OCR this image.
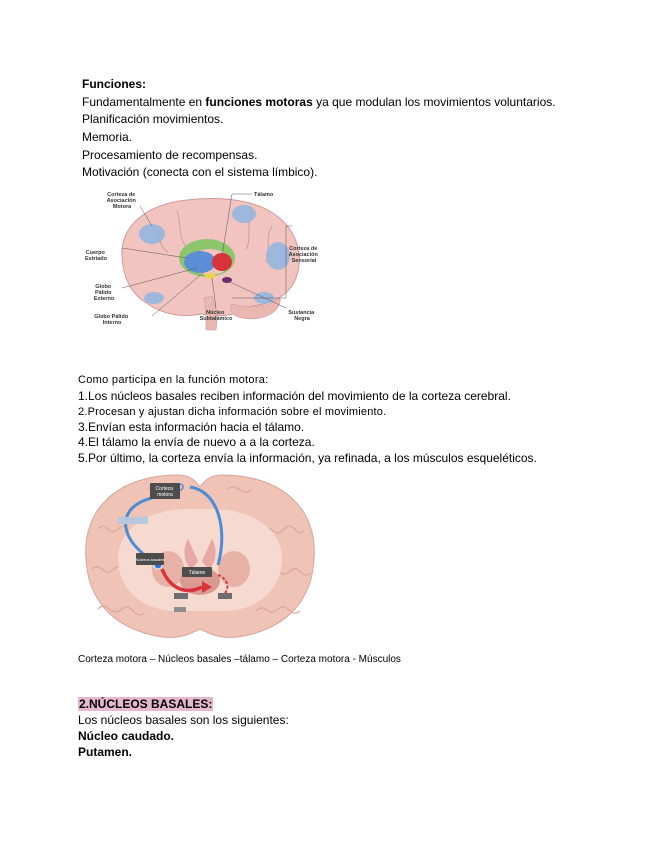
Funciones:
Fundamentalmente en funciones motoras ya que modulan los movimientos voluntarios.
Planificación movimientos.
Memoria.
Procesamiento de recompensas.
Motivación (conecta con el sistema límbico).
Corteza de Asociación Motora
Tálamo
Cuerpo Estriado
Corteza de Asociación Sensorial
Globo Pálido Externo
Globo Pálido Interno
Núcleo Subtalámico
Sustancia Negra
Como participa en la función motora:
1.Los núcleos basales reciben información del movimiento de la corteza cerebral.
2.Procesan y ajustan dicha información sobre el movimiento.
3.Envían esta información hacia el tálamo.
4.El tálamo la envía de nuevo a a la corteza.
5.Por último, la corteza envía la información, ya refinada, a los músculos esqueléticos.
Corteza motora
Núcleos basales
Tálamo
Corteza motora – Núcleos basales –tálamo – Corteza motora - Músculos
2.NÚCLEOS BASALES:
Los núcleos basales son los siguientes:
Núcleo caudado.
Putamen.
